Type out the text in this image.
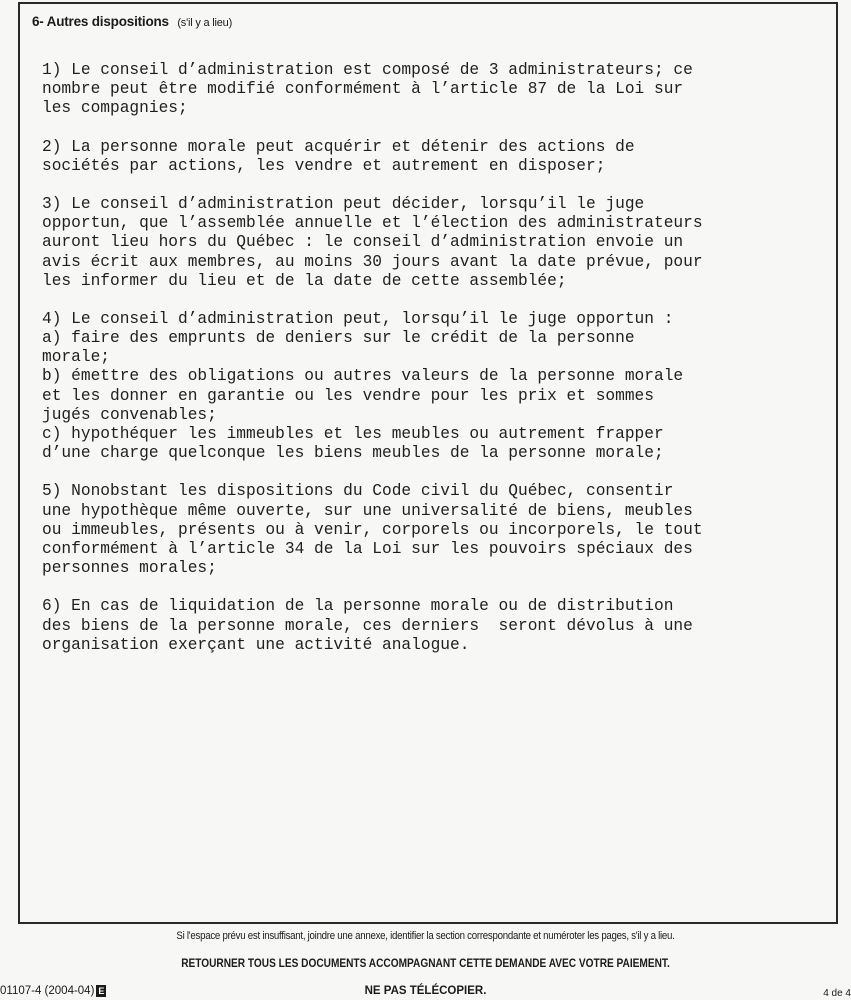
6- Autres dispositions (s'il y a lieu)
1) Le conseil d’administration est composé de 3 administrateurs; ce
nombre peut être modifié conformément à l’article 87 de la Loi sur
les compagnies;
2) La personne morale peut acquérir et détenir des actions de
sociétés par actions, les vendre et autrement en disposer;
3) Le conseil d’administration peut décider, lorsqu’il le juge
opportun, que l’assemblée annuelle et l’élection des administrateurs
auront lieu hors du Québec : le conseil d’administration envoie un
avis écrit aux membres, au moins 30 jours avant la date prévue, pour
les informer du lieu et de la date de cette assemblée;
4) Le conseil d’administration peut, lorsqu’il le juge opportun :
a) faire des emprunts de deniers sur le crédit de la personne
morale;
b) émettre des obligations ou autres valeurs de la personne morale
et les donner en garantie ou les vendre pour les prix et sommes
jugés convenables;
c) hypothéquer les immeubles et les meubles ou autrement frapper
d’une charge quelconque les biens meubles de la personne morale;
5) Nonobstant les dispositions du Code civil du Québec, consentir
une hypothèque même ouverte, sur une universalité de biens, meubles
ou immeubles, présents ou à venir, corporels ou incorporels, le tout
conformément à l’article 34 de la Loi sur les pouvoirs spéciaux des
personnes morales;
6) En cas de liquidation de la personne morale ou de distribution
des biens de la personne morale, ces derniers  seront dévolus à une
organisation exerçant une activité analogue.
Si l'espace prévu est insuffisant, joindre une annexe, identifier la section correspondante et numéroter les pages, s'il y a lieu.
RETOURNER TOUS LES DOCUMENTS ACCOMPAGNANT CETTE DEMANDE AVEC VOTRE PAIEMENT.
01107-4 (2004-04) E	NE PAS TÉLÉCOPIER.	4 de 4
